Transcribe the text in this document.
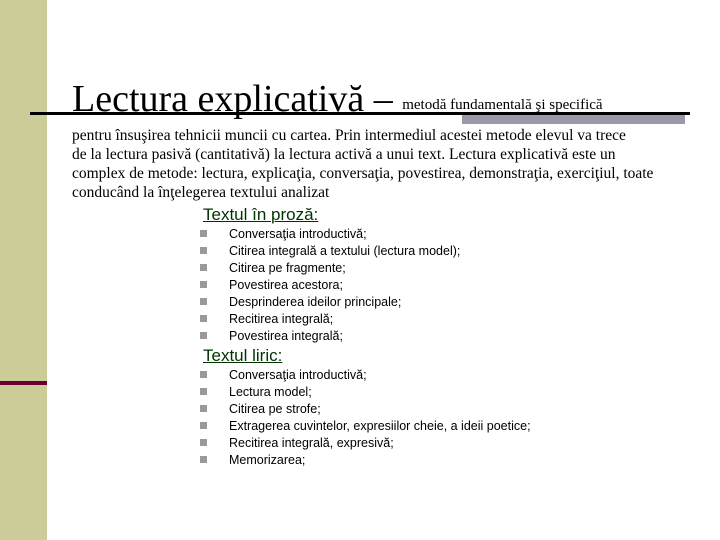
Lectura explicativă – metodă fundamentală şi specifică
pentru însuşirea tehnicii muncii cu cartea. Prin intermediul acestei metode elevul va trece
de la lectura pasivă (cantitativă) la lectura activă a unui text. Lectura explicativă este un
complex de metode: lectura, explicaţia, conversaţia, povestirea, demonstraţia, exerciţiul, toate
conducând la înţelegerea textului analizat
Textul în proză:
Conversaţia introductivă;
Citirea integrală a textului (lectura model);
Citirea pe fragmente;
Povestirea acestora;
Desprinderea ideilor principale;
Recitirea integrală;
Povestirea integrală;
Textul liric:
Conversaţia introductivă;
Lectura model;
Citirea pe strofe;
Extragerea cuvintelor, expresiilor cheie, a ideii poetice;
Recitirea integrală, expresivă;
Memorizarea;
